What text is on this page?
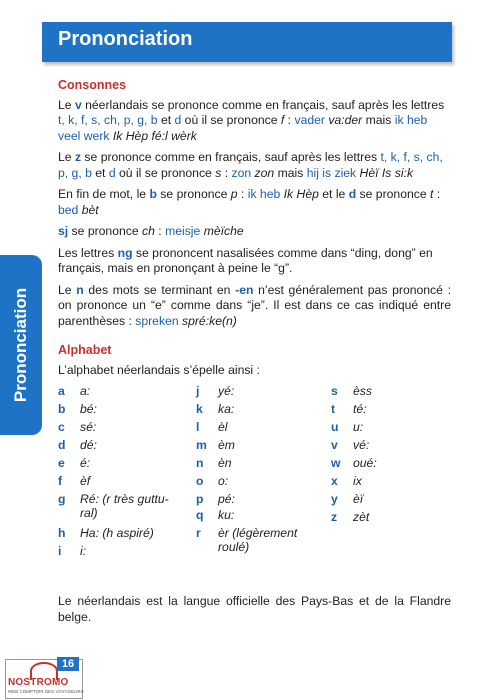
Prononciation
Prononciation
Consonnes

Le v néerlandais se prononce comme en français, sauf après les lettres t, k, f, s, ch, p, g, b et d où il se prononce f : vader va:der mais ik heb veel werk Ik Hèp fé:l wèrk

Le z se prononce comme en français, sauf après les lettres t, k, f, s, ch, p, g, b et d où il se prononce s : zon zon mais hij is ziek Hèï Is si:k

En fin de mot, le b se prononce p : ik heb Ik Hèp et le d se prononce t : bed bèt

sj se prononce ch : meisje mèïche

Les lettres ng se prononcent nasalisées comme dans “ding, dong” en français, mais en prononçant à peine le “g”.

Le n des mots se terminant en -en n’est généralement pas prononcé : on prononce un “e” comme dans “je”. Il est dans ce cas indiqué entre parenthèses : spreken spré:ke(n)

Alphabet

L’alphabet néerlandais s’épelle ainsi :

a a:
b bé:
c sé:
d dé:
e é:
f èf
g Ré: (r très guttu-ral)
h Ha: (h aspiré)
i i:
j yé:
k ka:
l èl
m èm
n èn
o o:
p pé:
q ku:
r èr (légèrement roulé)
s èss
t té:
u u:
v vé:
w oué:
x ix
y èï
z zèt
Le néerlandais est la langue officielle des Pays-Bas et de la Flandre belge.
NOSTROMO
WEB COMPTOIR DES VOYAGEURS
16
